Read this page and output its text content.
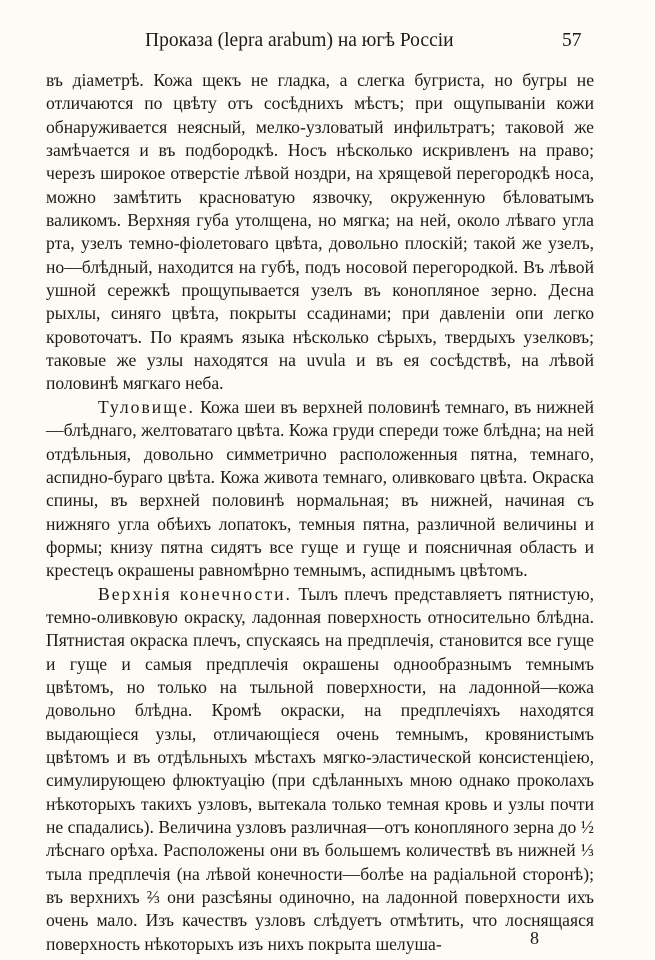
Проказа (lepra arabum) на югѣ Россіи	57

въ діаметрѣ. Кожа щекъ не гладка, а слегка бугриста, но бугры не отличаются по цвѣту отъ сосѣднихъ мѣстъ; при ощупываніи кожи обнаруживается неясный, мелко-узловатый инфильтратъ; таковой же замѣчается и въ подбородкѣ. Носъ нѣсколько искривленъ на право; черезъ широкое отверстіе лѣвой ноздри, на хрящевой перегородкѣ носа, можно замѣтить красноватую язвочку, окруженную бѣловатымъ валикомъ. Верхняя губа утолщена, но мягка; на ней, около лѣваго угла рта, узелъ темно-фіолетоваго цвѣта, довольно плоскій; такой же узелъ, но—блѣдный, находится на губѣ, подъ носовой перегородкой. Въ лѣвой ушной сережкѣ прощупывается узелъ въ конопляное зерно. Десна рыхлы, синяго цвѣта, покрыты ссадинами; при давленіи опи легко кровоточатъ. По краямъ языка нѣсколько сѣрыхъ, твердыхъ узелковъ; таковые же узлы находятся на uvula и въ ея сосѣдствѣ, на лѣвой половинѣ мягкаго неба.

Туловище. Кожа шеи въ верхней половинѣ темнаго, въ нижней—блѣднаго, желтоватаго цвѣта. Кожа груди спереди тоже блѣдна; на ней отдѣльныя, довольно симметрично расположенныя пятна, темнаго, аспидно-бураго цвѣта. Кожа живота темнаго, оливковаго цвѣта. Окраска спины, въ верхней половинѣ нормальная; въ нижней, начиная съ нижняго угла обѣихъ лопатокъ, темныя пятна, различной величины и формы; книзу пятна сидятъ все гуще и гуще и поясничная область и крестецъ окрашены равномѣрно темнымъ, аспиднымъ цвѣтомъ.

Верхнія конечности. Тылъ плечъ представляетъ пятнистую, темно-оливковую окраску, ладонная поверхность относительно блѣдна. Пятнистая окраска плечъ, спускаясь на предплечія, становится все гуще и гуще и самыя предплечія окрашены однообразнымъ темнымъ цвѣтомъ, но только на тыльной поверхности, на ладонной—кожа довольно блѣдна. Кромѣ окраски, на предплечіяхъ находятся выдающіеся узлы, отличающіеся очень темнымъ, кровянистымъ цвѣтомъ и въ отдѣльныхъ мѣстахъ мягко-эластической консистенціею, симулирующею флюктуацію (при сдѣланныхъ мною однако проколахъ нѣкоторыхъ такихъ узловъ, вытекала только темная кровь и узлы почти не спадались). Величина узловъ различная—отъ конопляного зерна до ½ лѣснаго орѣха. Расположены они въ большемъ количествѣ въ нижней ⅓ тыла предплечія (на лѣвой конечности—болѣе на радіальной сторонѣ); въ верхнихъ ⅔ они разсѣяны одиночно, на ладонной поверхности ихъ очень мало. Изъ качествъ узловъ слѣдуетъ отмѣтить, что лоснящаяся поверхность нѣкоторыхъ изъ нихъ покрыта шелуша-	8
